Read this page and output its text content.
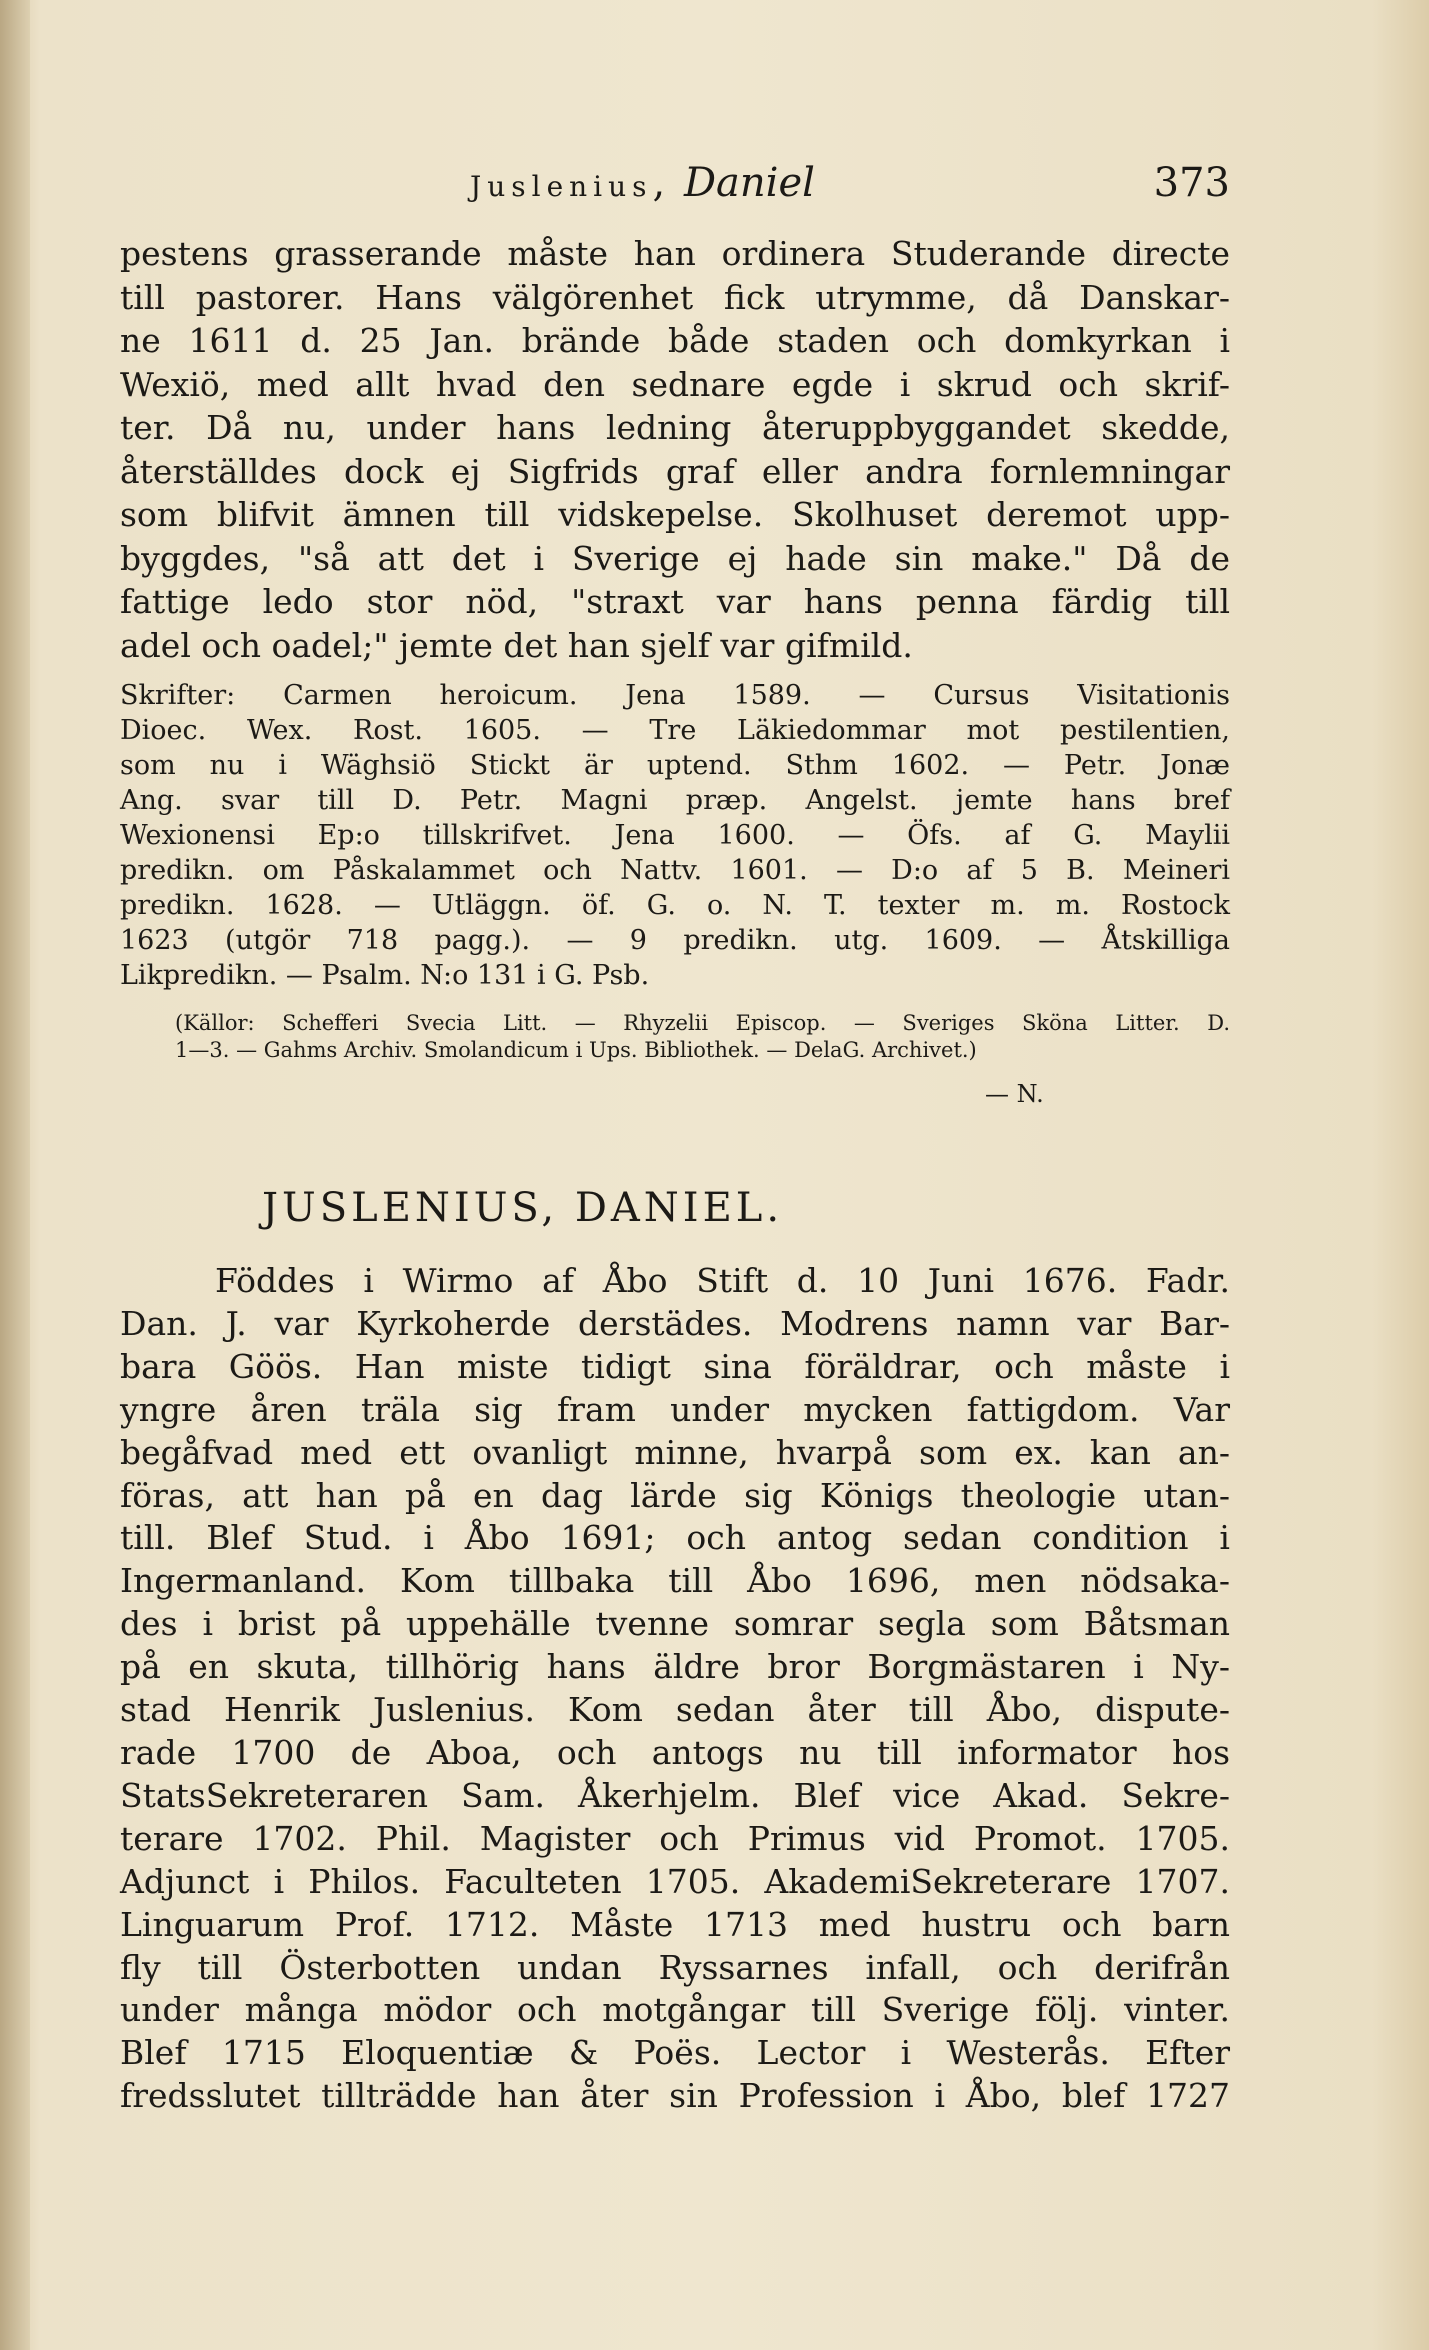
Juslenius, Daniel	373
pestens grasserande måste han ordinera Studerande directe
till pastorer. Hans välgörenhet fick utrymme, då Danskar-
ne 1611 d. 25 Jan. brände både staden och domkyrkan i
Wexiö, med allt hvad den sednare egde i skrud och skrif-
ter. Då nu, under hans ledning återuppbyggandet skedde,
återställdes dock ej Sigfrids graf eller andra fornlemningar
som blifvit ämnen till vidskepelse. Skolhuset deremot upp-
byggdes, "så att det i Sverige ej hade sin make." Då de
fattige ledo stor nöd, "straxt var hans penna färdig till
adel och oadel;" jemte det han sjelf var gifmild.
Skrifter: Carmen heroicum. Jena 1589. — Cursus Visitationis
Dioec. Wex. Rost. 1605. — Tre Läkiedommar mot pestilentien,
som nu i Wäghsiö Stickt är uptend. Sthm 1602. — Petr. Jonæ
Ang. svar till D. Petr. Magni præp. Angelst. jemte hans bref
Wexionensi Ep:o tillskrifvet. Jena 1600. — Öfs. af G. Maylii
predikn. om Påskalammet och Nattv. 1601. — D:o af 5 B. Meineri
predikn. 1628. — Utläggn. öf. G. o. N. T. texter m. m. Rostock
1623 (utgör 718 pagg.). — 9 predikn. utg. 1609. — Åtskilliga
Likpredikn. — Psalm. N:o 131 i G. Psb.
(Källor: Schefferi Svecia Litt. — Rhyzelii Episcop. — Sveriges Sköna Litter. D.
1—3. — Gahms Archiv. Smolandicum i Ups. Bibliothek. — DelaG. Archivet.)
— N.
JUSLENIUS, DANIEL.
Föddes i Wirmo af Åbo Stift d. 10 Juni 1676. Fadr.
Dan. J. var Kyrkoherde derstädes. Modrens namn var Bar-
bara Göös. Han miste tidigt sina föräldrar, och måste i
yngre åren träla sig fram under mycken fattigdom. Var
begåfvad med ett ovanligt minne, hvarpå som ex. kan an-
föras, att han på en dag lärde sig Königs theologie utan-
till. Blef Stud. i Åbo 1691; och antog sedan condition i
Ingermanland. Kom tillbaka till Åbo 1696, men nödsaka-
des i brist på uppehälle tvenne somrar segla som Båtsman
på en skuta, tillhörig hans äldre bror Borgmästaren i Ny-
stad Henrik Juslenius. Kom sedan åter till Åbo, dispute-
rade 1700 de Aboa, och antogs nu till informator hos
StatsSekreteraren Sam. Åkerhjelm. Blef vice Akad. Sekre-
terare 1702. Phil. Magister och Primus vid Promot. 1705.
Adjunct i Philos. Faculteten 1705. AkademiSekreterare 1707.
Linguarum Prof. 1712. Måste 1713 med hustru och barn
fly till Österbotten undan Ryssarnes infall, och derifrån
under många mödor och motgångar till Sverige följ. vinter.
Blef 1715 Eloquentiæ & Poës. Lector i Westerås. Efter
fredsslutet tillträdde han åter sin Profession i Åbo, blef 1727
